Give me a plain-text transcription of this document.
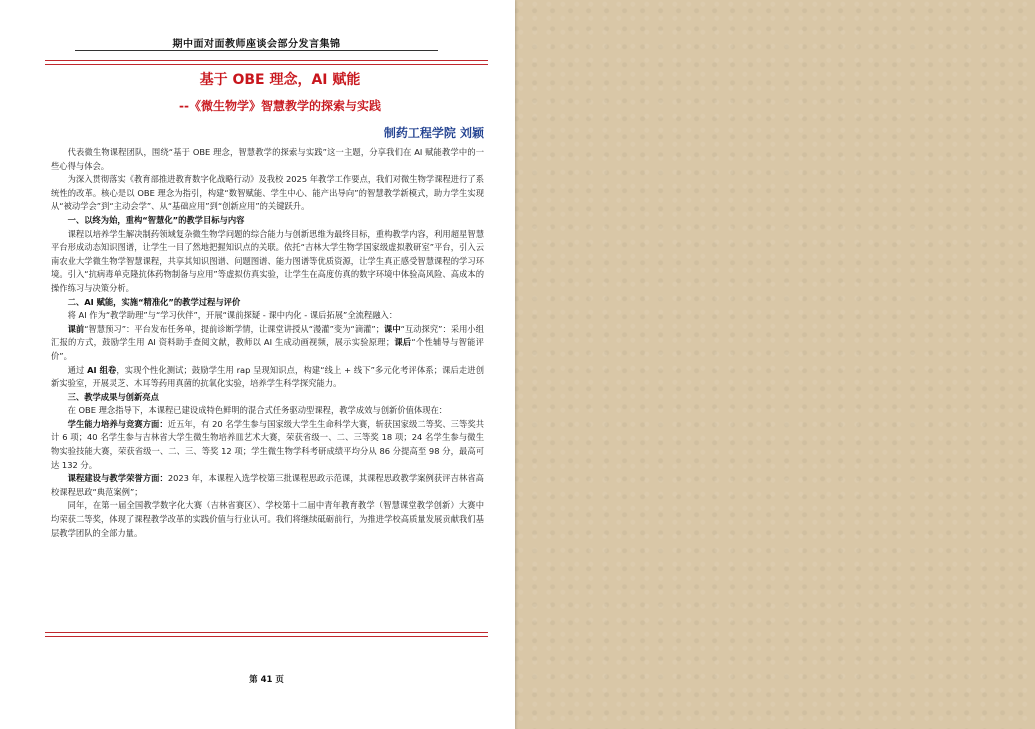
期中面对面教师座谈会部分发言集锦
基于 OBE 理念，AI 赋能
--《微生物学》智慧教学的探索与实践
制药工程学院 刘颖

代表微生物课程团队，围绕“基于 OBE 理念，智慧教学的探索与实践”这一主题，分享我们在 AI 赋能教学中的一些心得与体会。

为深入贯彻落实《教育部推进教育数字化战略行动》及我校 2025 年教学工作要点，我们对微生物学课程进行了系统性的改革。核心是以 OBE 理念为指引，构建“数智赋能、学生中心、能产出导向”的智慧教学新模式，助力学生实现从“被动学会”到“主动会学”、从“基础应用”到“创新应用”的关键跃升。

一、以终为始，重构“智慧化”的教学目标与内容

课程以培养学生解决制药领域复杂微生物学问题的综合能力与创新思维为最终目标，重构教学内容，利用超星智慧平台形成动态知识图谱，让学生一目了然地把握知识点的关联。依托“吉林大学生物学国家级虚拟教研室”平台，引入云南农业大学微生物学智慧课程，共享其知识图谱、问题图谱、能力图谱等优质资源，让学生真正感受智慧课程的学习环境。引入“抗病毒单克隆抗体药物制备与应用”等虚拟仿真实验，让学生在高度仿真的数字环境中体验高风险、高成本的操作练习与决策分析。

二、AI 赋能，实施“精准化”的教学过程与评价

将 AI 作为“教学助理”与“学习伙伴”，开展“课前探疑 - 课中内化 - 课后拓展”全流程融入：

课前“智慧预习”：平台发布任务单，提前诊断学情，让课堂讲授从“漫灌”变为“滴灌”；课中“互动探究”：采用小组汇报的方式，鼓励学生用 AI 资料助手查阅文献，教师以 AI 生成动画视频，展示实验原理；课后“个性辅导与智能评价”。

通过 AI 组卷，实现个性化测试；鼓励学生用 rap 呈现知识点，构建“线上 + 线下”多元化考评体系；课后走进创新实验室，开展灵芝、木耳等药用真菌的抗氧化实验，培养学生科学探究能力。

三、教学成果与创新亮点

在 OBE 理念指导下，本课程已建设成特色鲜明的混合式任务驱动型课程，教学成效与创新价值体现在：

学生能力培养与竞赛方面：近五年，有 20 名学生参与国家级大学生生命科学大赛，斩获国家级二等奖、三等奖共计 6 项；40 名学生参与吉林省大学生微生物培养皿艺术大赛，荣获省级一、二、三等奖 18 项；24 名学生参与微生物实验技能大赛，荣获省级一、二、三、等奖 12 项；学生微生物学科考研成绩平均分从 86 分提高至 98 分，最高可达 132 分。

课程建设与教学荣誉方面：2023 年，本课程入选学校第三批课程思政示范课，其课程思政教学案例获评吉林省高校课程思政“典范案例”；

同年，在第一届全国教学数字化大赛（吉林省赛区）、学校第十二届中青年教育教学（智慧课堂教学创新）大赛中均荣获二等奖，体现了课程教学改革的实践价值与行业认可。我们将继续砥砺前行，为推进学校高质量发展贡献我们基层教学团队的全部力量。

第 41 页
